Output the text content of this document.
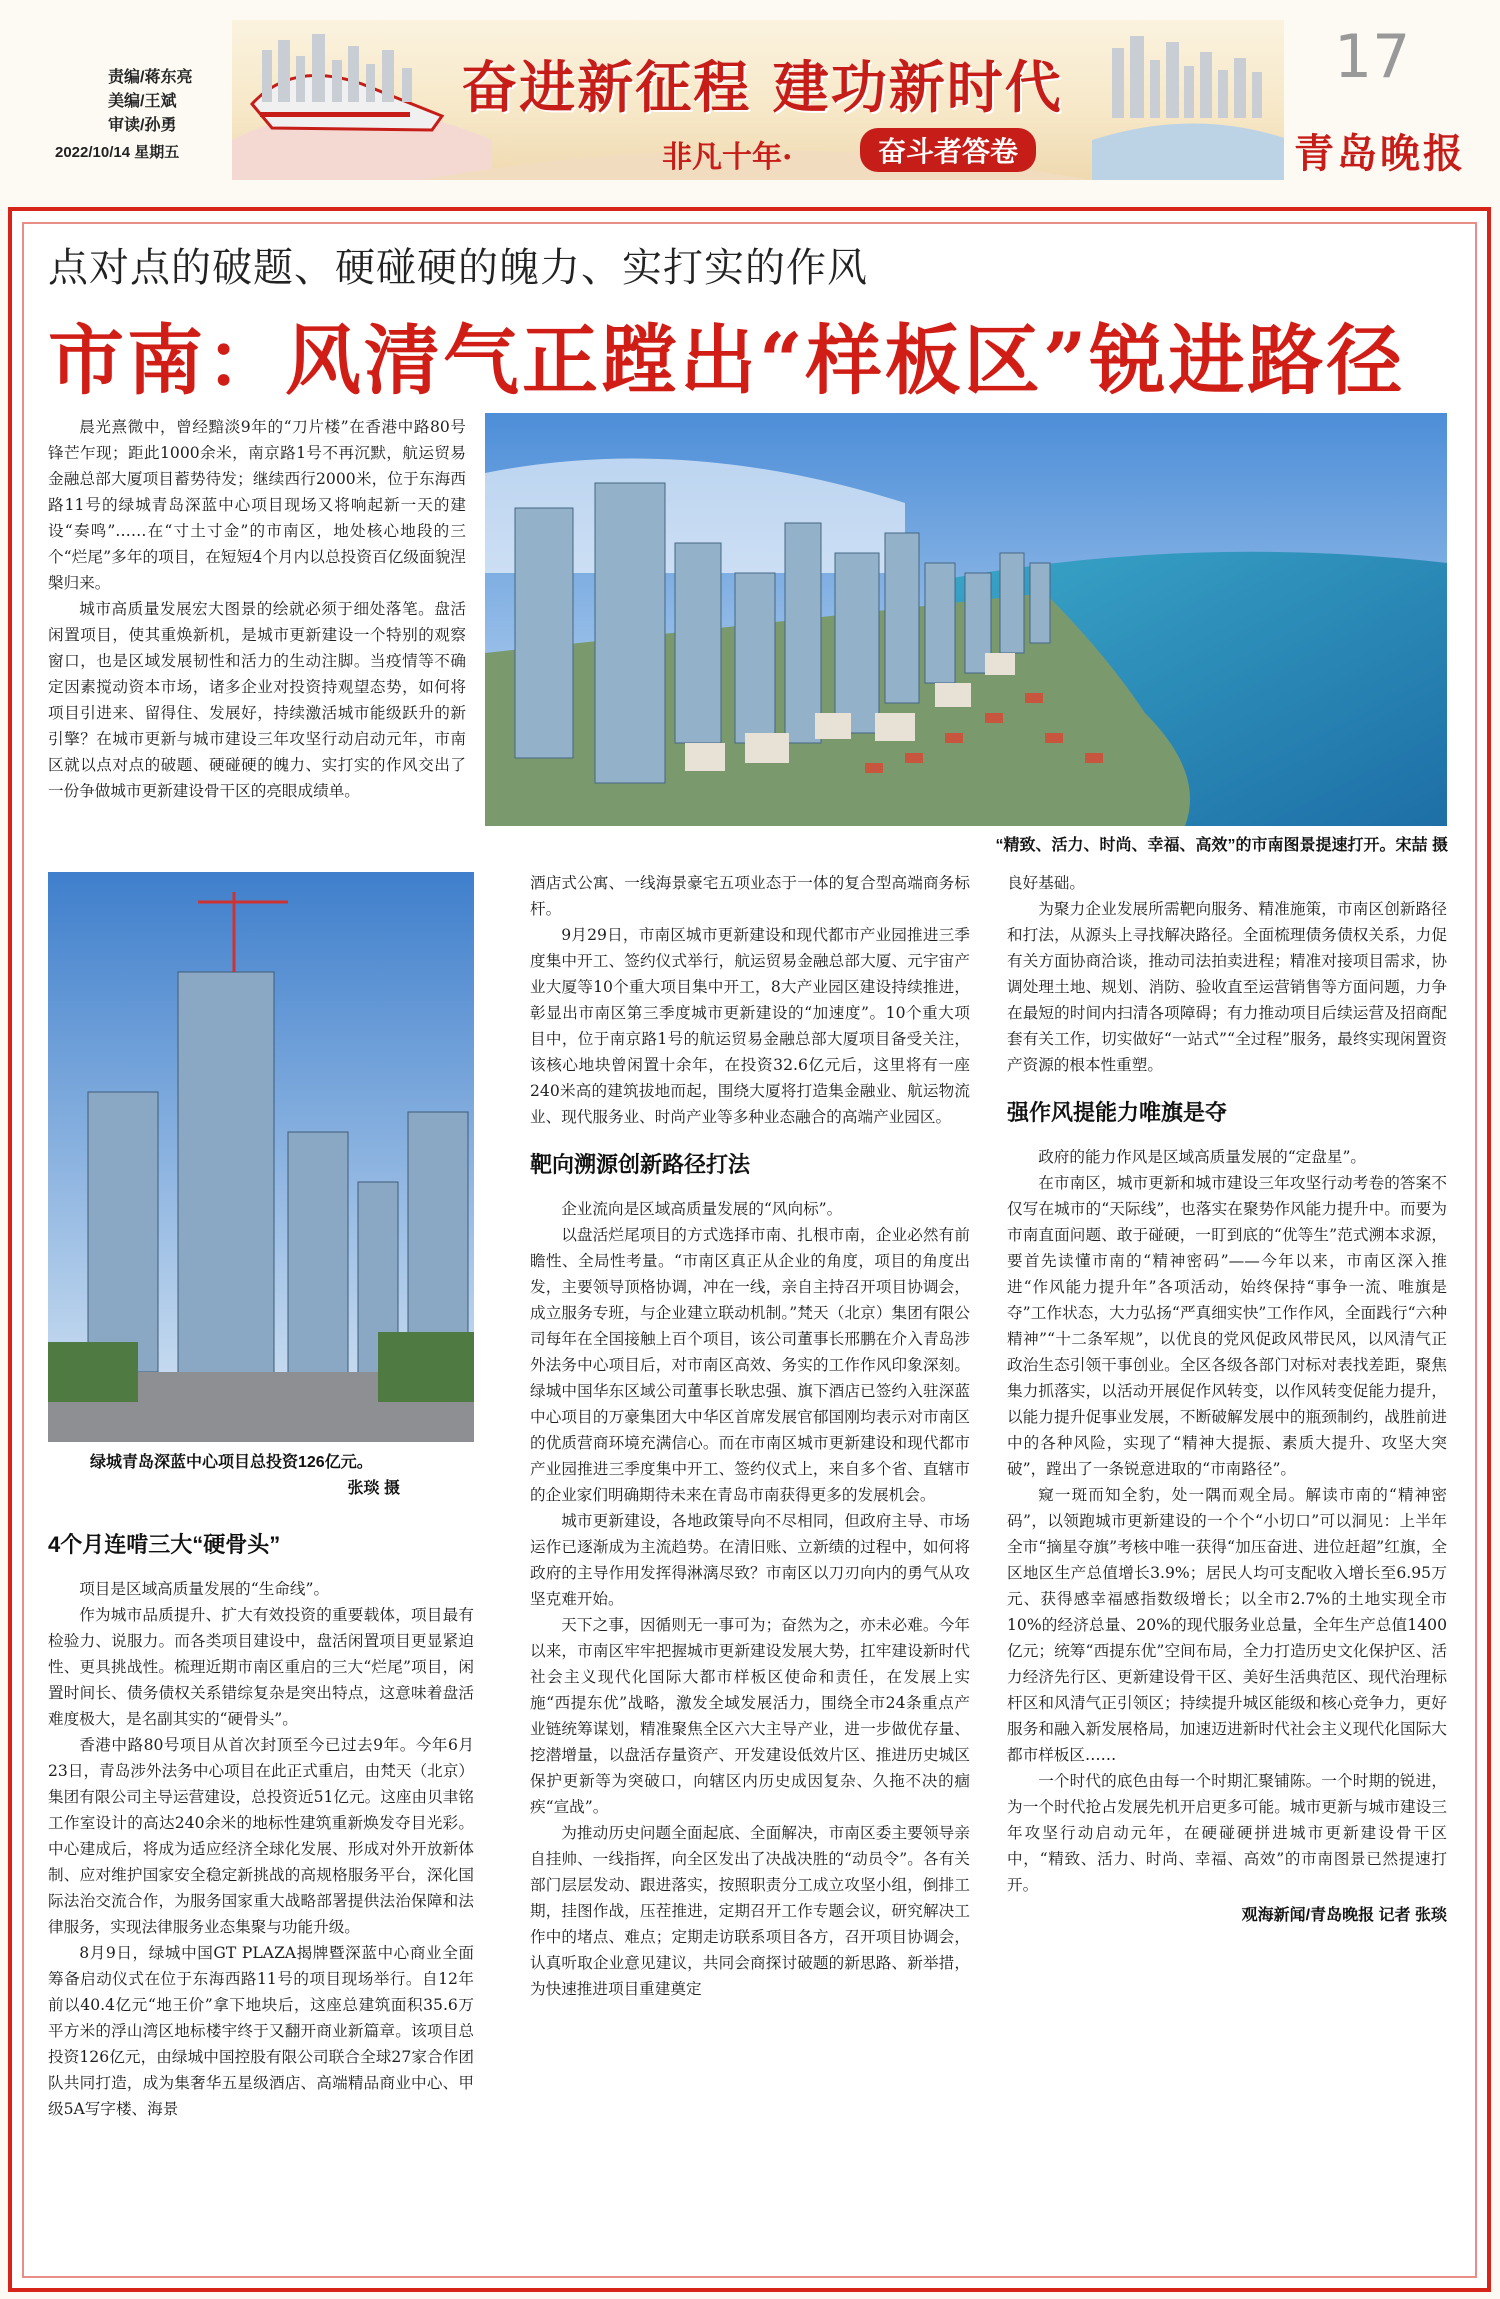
责编/蒋东亮
美编/王斌
审读/孙勇
2022/10/14 星期五
奋进新征程 建功新时代
非凡十年·	奋斗者答卷
17
青岛晚报
点对点的破题、硬碰硬的魄力、实打实的作风
市南：风清气正蹚出“样板区”锐进路径

晨光熹微中，曾经黯淡9年的“刀片楼”在香港中路80号锋芒乍现；距此1000余米，南京路1号不再沉默，航运贸易金融总部大厦项目蓄势待发；继续西行2000米，位于东海西路11号的绿城青岛深蓝中心项目现场又将响起新一天的建设“奏鸣”……在“寸土寸金”的市南区，地处核心地段的三个“烂尾”多年的项目，在短短4个月内以总投资百亿级面貌涅槃归来。

城市高质量发展宏大图景的绘就必须于细处落笔。盘活闲置项目，使其重焕新机，是城市更新建设一个特别的观察窗口，也是区域发展韧性和活力的生动注脚。当疫情等不确定因素搅动资本市场，诸多企业对投资持观望态势，如何将项目引进来、留得住、发展好，持续激活城市能级跃升的新引擎？在城市更新与城市建设三年攻坚行动启动元年，市南区就以点对点的破题、硬碰硬的魄力、实打实的作风交出了一份争做城市更新建设骨干区的亮眼成绩单。

“精致、活力、时尚、幸福、高效”的市南图景提速打开。宋喆 摄
绿城青岛深蓝中心项目总投资126亿元。
张琰 摄
4个月连啃三大“硬骨头”

项目是区域高质量发展的“生命线”。

作为城市品质提升、扩大有效投资的重要载体，项目最有检验力、说服力。而各类项目建设中，盘活闲置项目更显紧迫性、更具挑战性。梳理近期市南区重启的三大“烂尾”项目，闲置时间长、债务债权关系错综复杂是突出特点，这意味着盘活难度极大，是名副其实的“硬骨头”。

香港中路80号项目从首次封顶至今已过去9年。今年6月23日，青岛涉外法务中心项目在此正式重启，由梵天（北京）集团有限公司主导运营建设，总投资近51亿元。这座由贝聿铭工作室设计的高达240余米的地标性建筑重新焕发夺目光彩。中心建成后，将成为适应经济全球化发展、形成对外开放新体制、应对维护国家安全稳定新挑战的高规格服务平台，深化国际法治交流合作，为服务国家重大战略部署提供法治保障和法律服务，实现法律服务业态集聚与功能升级。

8月9日，绿城中国GT PLAZA揭牌暨深蓝中心商业全面筹备启动仪式在位于东海西路11号的项目现场举行。自12年前以40.4亿元“地王价”拿下地块后，这座总建筑面积35.6万平方米的浮山湾区地标楼宇终于又翻开商业新篇章。该项目总投资126亿元，由绿城中国控股有限公司联合全球27家合作团队共同打造，成为集奢华五星级酒店、高端精品商业中心、甲级5A写字楼、海景

酒店式公寓、一线海景豪宅五项业态于一体的复合型高端商务标杆。

9月29日，市南区城市更新建设和现代都市产业园推进三季度集中开工、签约仪式举行，航运贸易金融总部大厦、元宇宙产业大厦等10个重大项目集中开工，8大产业园区建设持续推进，彰显出市南区第三季度城市更新建设的“加速度”。10个重大项目中，位于南京路1号的航运贸易金融总部大厦项目备受关注，该核心地块曾闲置十余年，在投资32.6亿元后，这里将有一座240米高的建筑拔地而起，围绕大厦将打造集金融业、航运物流业、现代服务业、时尚产业等多种业态融合的高端产业园区。

靶向溯源创新路径打法

企业流向是区域高质量发展的“风向标”。

以盘活烂尾项目的方式选择市南、扎根市南，企业必然有前瞻性、全局性考量。“市南区真正从企业的角度，项目的角度出发，主要领导顶格协调，冲在一线，亲自主持召开项目协调会，成立服务专班，与企业建立联动机制。”梵天（北京）集团有限公司每年在全国接触上百个项目，该公司董事长邢鹏在介入青岛涉外法务中心项目后，对市南区高效、务实的工作作风印象深刻。绿城中国华东区域公司董事长耿忠强、旗下酒店已签约入驻深蓝中心项目的万豪集团大中华区首席发展官郁国刚均表示对市南区的优质营商环境充满信心。而在市南区城市更新建设和现代都市产业园推进三季度集中开工、签约仪式上，来自多个省、直辖市的企业家们明确期待未来在青岛市南获得更多的发展机会。

城市更新建设，各地政策导向不尽相同，但政府主导、市场运作已逐渐成为主流趋势。在清旧账、立新绩的过程中，如何将政府的主导作用发挥得淋漓尽致？市南区以刀刃向内的勇气从攻坚克难开始。

天下之事，因循则无一事可为；奋然为之，亦未必难。今年以来，市南区牢牢把握城市更新建设发展大势，扛牢建设新时代社会主义现代化国际大都市样板区使命和责任，在发展上实施“西提东优”战略，激发全域发展活力，围绕全市24条重点产业链统筹谋划，精准聚焦全区六大主导产业，进一步做优存量、挖潜增量，以盘活存量资产、开发建设低效片区、推进历史城区保护更新等为突破口，向辖区内历史成因复杂、久拖不决的痼疾“宣战”。

为推动历史问题全面起底、全面解决，市南区委主要领导亲自挂帅、一线指挥，向全区发出了决战决胜的“动员令”。各有关部门层层发动、跟进落实，按照职责分工成立攻坚小组，倒排工期，挂图作战，压茬推进，定期召开工作专题会议，研究解决工作中的堵点、难点；定期走访联系项目各方，召开项目协调会，认真听取企业意见建议，共同会商探讨破题的新思路、新举措，为快速推进项目重建奠定

良好基础。

为聚力企业发展所需靶向服务、精准施策，市南区创新路径和打法，从源头上寻找解决路径。全面梳理债务债权关系，力促有关方面协商洽谈，推动司法拍卖进程；精准对接项目需求，协调处理土地、规划、消防、验收直至运营销售等方面问题，力争在最短的时间内扫清各项障碍；有力推动项目后续运营及招商配套有关工作，切实做好“一站式”“全过程”服务，最终实现闲置资产资源的根本性重塑。

强作风提能力唯旗是夺

政府的能力作风是区域高质量发展的“定盘星”。

在市南区，城市更新和城市建设三年攻坚行动考卷的答案不仅写在城市的“天际线”，也落实在聚势作风能力提升中。而要为市南直面问题、敢于碰硬，一盯到底的“优等生”范式溯本求源，要首先读懂市南的“精神密码”——今年以来，市南区深入推进“作风能力提升年”各项活动，始终保持“事争一流、唯旗是夺”工作状态，大力弘扬“严真细实快”工作作风，全面践行“六种精神”“十二条军规”，以优良的党风促政风带民风，以风清气正政治生态引领干事创业。全区各级各部门对标对表找差距，聚焦集力抓落实，以活动开展促作风转变，以作风转变促能力提升，以能力提升促事业发展，不断破解发展中的瓶颈制约，战胜前进中的各种风险，实现了“精神大提振、素质大提升、攻坚大突破”，蹚出了一条锐意进取的“市南路径”。

窥一斑而知全豹，处一隅而观全局。解读市南的“精神密码”，以领跑城市更新建设的一个个“小切口”可以洞见：上半年全市“摘星夺旗”考核中唯一获得“加压奋进、进位赶超”红旗，全区地区生产总值增长3.9%；居民人均可支配收入增长至6.95万元、获得感幸福感指数级增长；以全市2.7%的土地实现全市10%的经济总量、20%的现代服务业总量，全年生产总值1400亿元；统筹“西提东优”空间布局，全力打造历史文化保护区、活力经济先行区、更新建设骨干区、美好生活典范区、现代治理标杆区和风清气正引领区；持续提升城区能级和核心竞争力，更好服务和融入新发展格局，加速迈进新时代社会主义现代化国际大都市样板区……

一个时代的底色由每一个时期汇聚铺陈。一个时期的锐进，为一个时代抢占发展先机开启更多可能。城市更新与城市建设三年攻坚行动启动元年，在硬碰硬拼进城市更新建设骨干区中，“精致、活力、时尚、幸福、高效”的市南图景已然提速打开。

观海新闻/青岛晚报 记者 张琰
